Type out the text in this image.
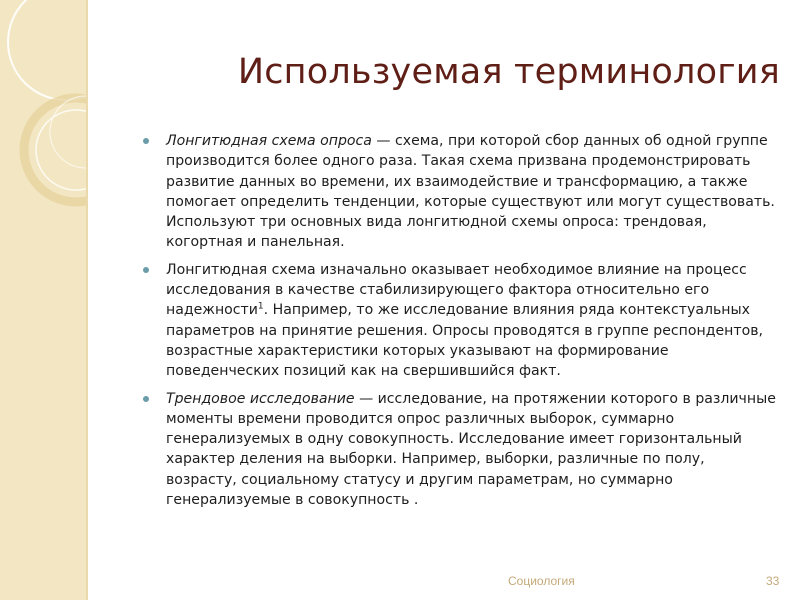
Используемая терминология
Лонгитюдная схема опроса — схема, при которой сбор данных об одной группе производится более одного раза. Такая схема призвана продемонстрировать развитие данных во времени, их взаимодействие и трансформацию, а также помогает определить тенденции, которые существуют или могут существовать. Используют три основных вида лонгитюдной схемы опроса: трендовая, когортная и панельная.
Лонгитюдная схема изначально оказывает необходимое влияние на процесс исследования в качестве стабилизирующего фактора относительно его надежности$^1$. Например, то же исследование влияния ряда контекстуальных параметров на принятие решения. Опросы проводятся в группе респондентов, возрастные характеристики которых указывают на формирование поведенческих позиций как на свершившийся факт.
Трендовое исследование — исследование, на протяжении которого в различные моменты времени проводится опрос различных выборок, суммарно генерализуемых в одну совокупность. Исследование имеет горизонтальный характер деления на выборки. Например, выборки, различные по полу, возрасту, социальному статусу и другим параметрам, но суммарно генерализуемые в совокупность .
Социология	33
